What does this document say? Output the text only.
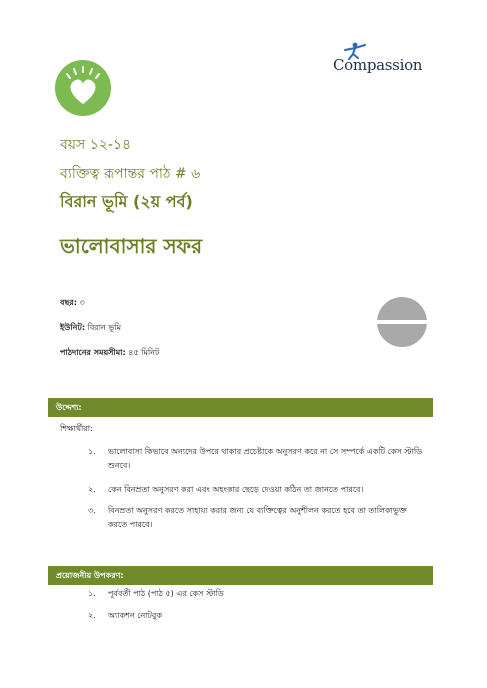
Compassion
বয়স ১২-১৪
ব্যক্তিত্ব রূপান্তর পাঠ # ৬
বিরান ভূমি (২য় পর্ব)
ভালোবাসার সফর
বছর: ৩
ইউনিট: বিরান ভূমি
পাঠদানের সময়সীমা: ৪৫ মিনিট
উদ্দেশ্য:
শিক্ষার্থীরা:
১. ভালোবাসা কিভাবে অন্যদের উপরে থাকার প্রচেষ্টাকে অনুসরণ করে না সে সম্পর্কে একটি কেস স্টাডি শুনবে।
২. কেন বিনম্রতা অনুসরণ করা এবং অহংকার ছেড়ে দেওয়া কঠিন তা জানতে পারবে।
৩. বিনম্রতা অনুসরণ করতে সাহায্য করার জন্য যে ব্যক্তিত্বের অনুশীলন করতে হবে তা তালিকাভুক্ত করতে পারবে।
প্রয়োজনীয় উপকরণ:
১. পূর্ববর্তী পাঠ (পাঠ ৫) এর কেস স্টাডি
২. অ্যাকশন নোটবুক
